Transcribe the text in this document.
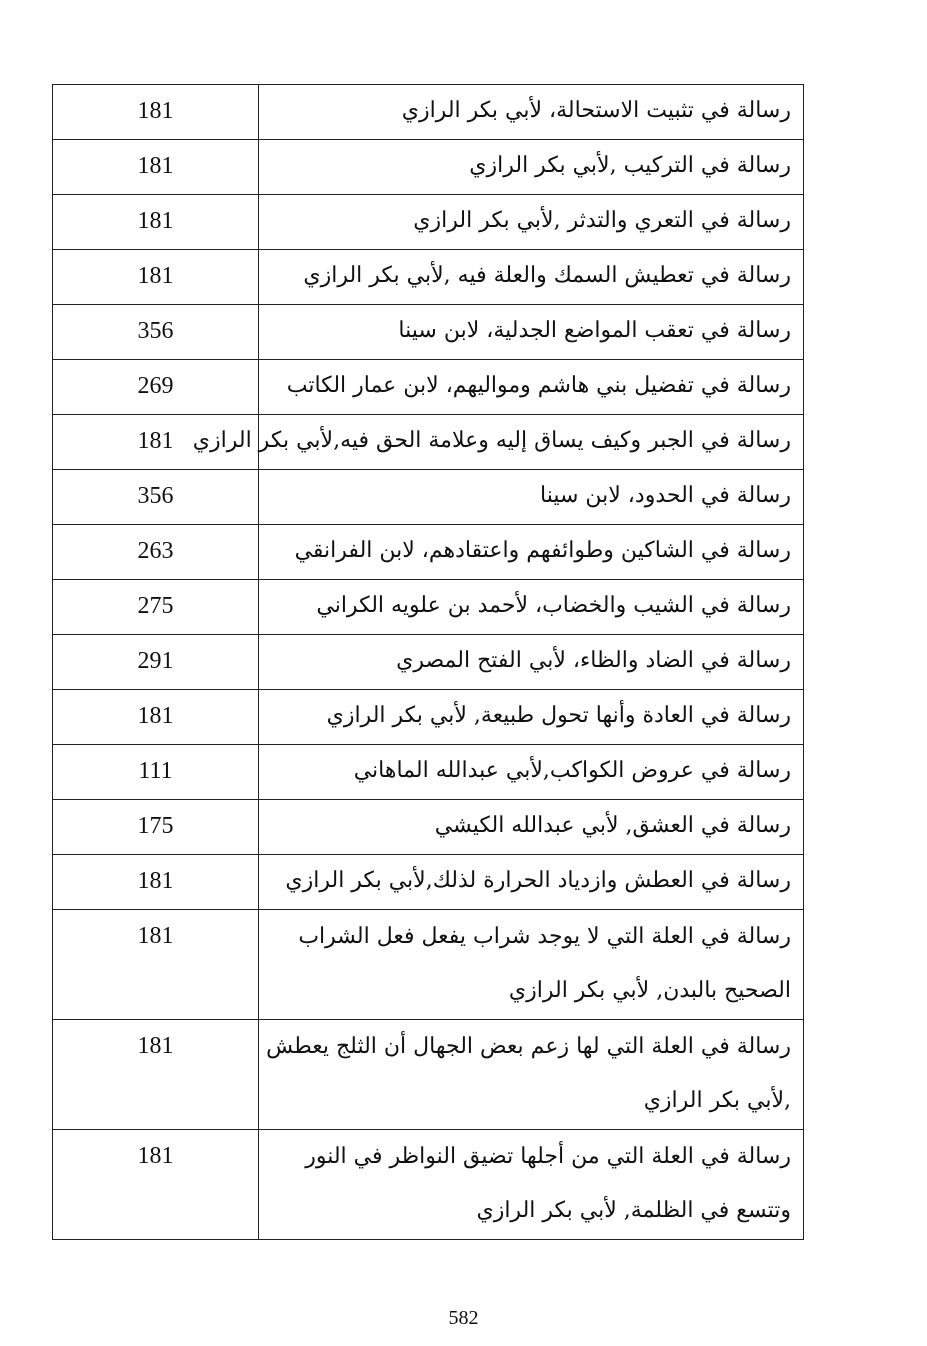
181	رسالة في تثبيت الاستحالة، لأبي بكر الرازي
181	رسالة في التركيب ,لأبي بكر الرازي
181	رسالة في التعري والتدثر ,لأبي بكر الرازي
181	رسالة في تعطيش السمك والعلة فيه ,لأبي بكر الرازي
356	رسالة في تعقب المواضع الجدلية، لابن سينا
269	رسالة في تفضيل بني هاشم ومواليهم، لابن عمار الكاتب
181	رسالة في الجبر وكيف يساق إليه وعلامة الحق فيه,لأبي بكر الرازي
356	رسالة في الحدود، لابن سينا
263	رسالة في الشاكين وطوائفهم واعتقادهم، لابن الفرانقي
275	رسالة في الشيب والخضاب، لأحمد بن علويه الكراني
291	رسالة في الضاد والظاء، لأبي الفتح المصري
181	رسالة في العادة وأنها تحول طبيعة, لأبي بكر الرازي
111	رسالة في عروض الكواكب,لأبي عبدالله الماهاني
175	رسالة في العشق, لأبي عبدالله الكيشي
181	رسالة في العطش وازدياد الحرارة لذلك,لأبي بكر الرازي
181	رسالة في العلة التي لا يوجد شراب يفعل فعل الشراب الصحيح بالبدن, لأبي بكر الرازي
181	رسالة في العلة التي لها زعم بعض الجهال أن الثلج يعطش ,لأبي بكر الرازي
181	رسالة في العلة التي من أجلها تضيق النواظر في النور وتتسع في الظلمة, لأبي بكر الرازي
582
